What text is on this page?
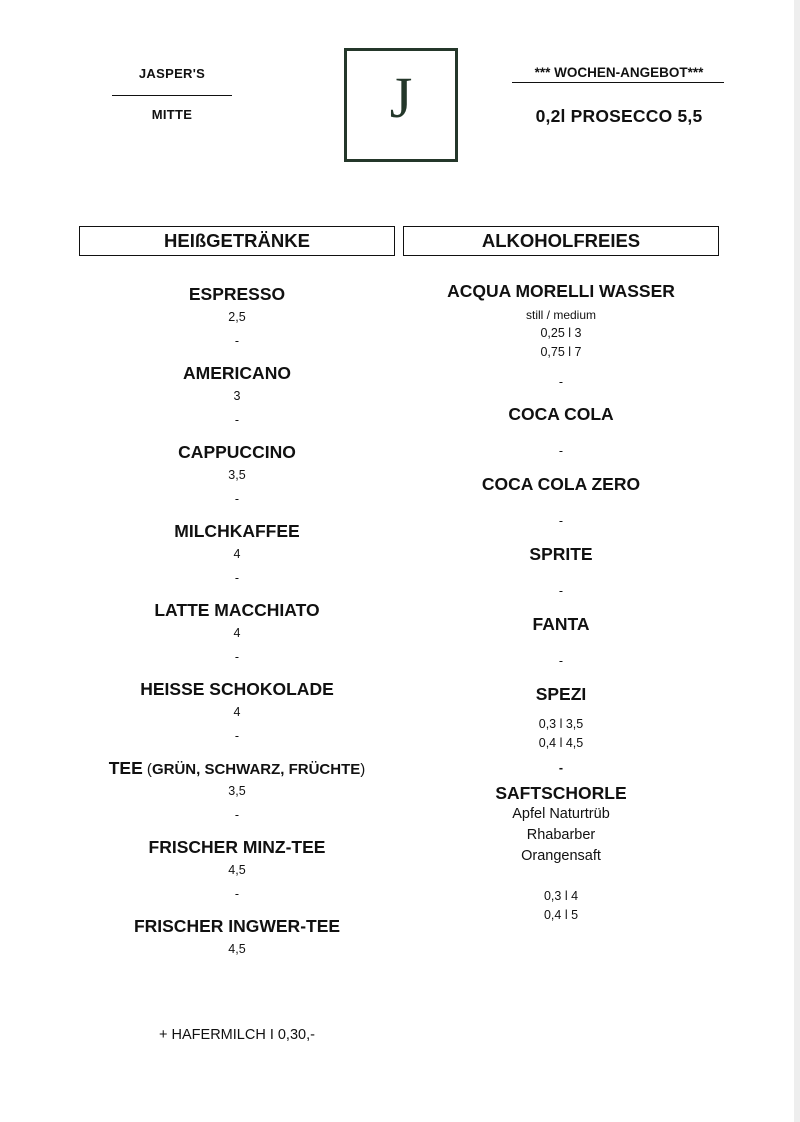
JASPER'S
MITTE	J	*** WOCHEN-ANGEBOT***
0,2l PROSECCO 5,5
HEIßGETRÄNKE	ALKOHOLFREIES
ESPRESSO
2,5
-
AMERICANO
3
-
CAPPUCCINO
3,5
-
MILCHKAFFEE
4
-
LATTE MACCHIATO
4
-
HEISSE SCHOKOLADE
4
-
TEE (GRÜN, SCHWARZ, FRÜCHTE)
3,5
-
FRISCHER MINZ-TEE
4,5
-
FRISCHER INGWER-TEE
4,5
+ HAFERMILCH I 0,30,-
ACQUA MORELLI WASSER
still / medium
0,25 l 3
0,75 l 7
-
COCA COLA
-
COCA COLA ZERO
-
SPRITE
-
FANTA
-
SPEZI
0,3 l 3,5
0,4 l 4,5
-
SAFTSCHORLE
Apfel Naturtrüb
Rhabarber
Orangensaft
0,3 l 4
0,4 l 5
